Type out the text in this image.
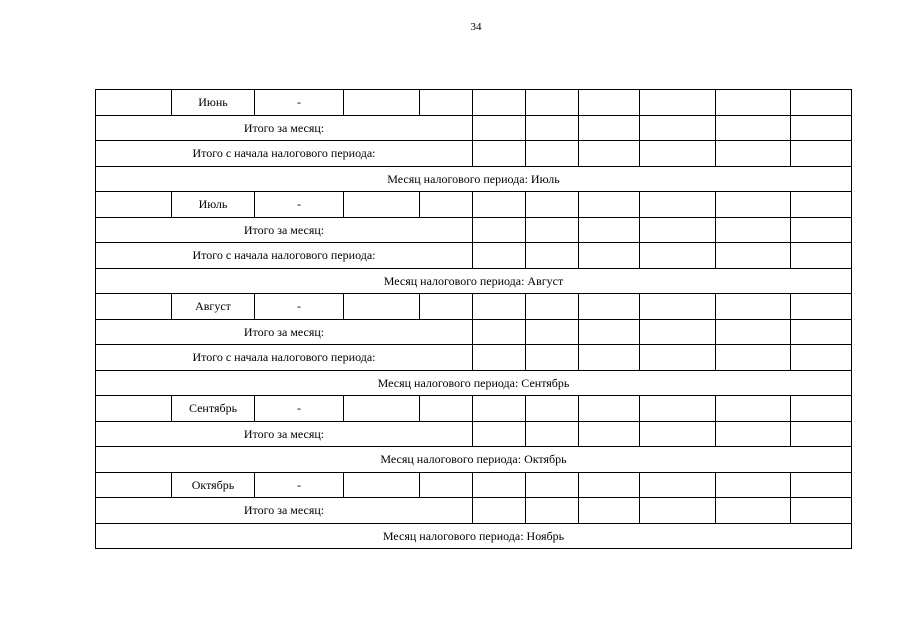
34
	Июнь	-								
Итого за месяц:										
Итого с начала налогового периода:										
Месяц налогового периода: Июль										
	Июль	-								
Итого за месяц:										
Итого с начала налогового периода:										
Месяц налогового периода: Август										
	Август	-								
Итого за месяц:										
Итого с начала налогового периода:										
Месяц налогового периода: Сентябрь										
	Сентябрь	-								
Итого за месяц:										
Месяц налогового периода: Октябрь										
	Октябрь	-								
Итого за месяц:										
Месяц налогового периода: Ноябрь										
